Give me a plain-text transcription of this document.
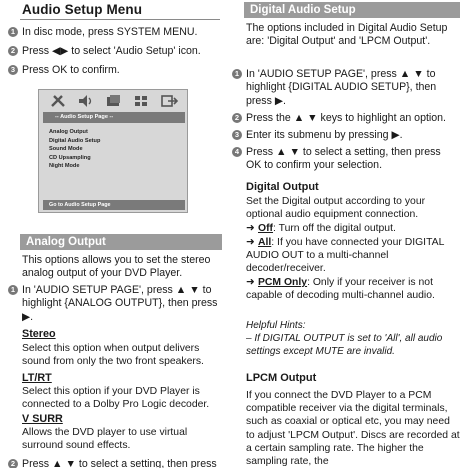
Audio Setup Menu
1 In disc mode, press SYSTEM MENU.
2 Press ◀▶ to select 'Audio Setup' icon.
3 Press OK to confirm.
-- Audio Setup Page --
Analog Output
Digital Audio Setup
Sound Mode
CD Upsampling
Night Mode
Go to Audio Setup Page
Analog Output
This options allows you to set the stereo analog output of your DVD Player.
1 In 'AUDIO SETUP PAGE', press ▲ ▼ to highlight {ANALOG OUTPUT}, then press ▶.
Stereo
Select this option when output delivers sound from only the two front speakers.
LT/RT
Select this option if your DVD Player is connected to a Dolby Pro Logic decoder.
V SURR
Allows the DVD player to use virtual surround sound effects.
2 Press ▲ ▼ to select a setting, then press
Digital Audio Setup
The options included in Digital Audio Setup are: 'Digital Output' and 'LPCM Output'.
1 In 'AUDIO SETUP PAGE', press ▲ ▼ to highlight {DIGITAL AUDIO SETUP}, then press ▶.
2 Press the ▲ ▼ keys to highlight an option.
3 Enter its submenu by pressing ▶.
4 Press ▲ ▼ to select a setting, then press OK to confirm your selection.
Digital Output
Set the Digital output according to your optional audio equipment connection.
➜ Off: Turn off the digital output.
➜ All: If you have connected your DIGITAL AUDIO OUT to a multi-channel decoder/receiver.
➜ PCM Only: Only if your receiver is not capable of decoding multi-channel audio.
Helpful Hints:
– If DIGITAL OUTPUT is set to 'All', all audio settings except MUTE are invalid.
LPCM Output
If you connect the DVD Player to a PCM compatible receiver via the digital terminals, such as coaxial or optical etc, you may need to adjust 'LPCM Output'. Discs are recorded at a certain sampling rate. The higher the sampling rate, the
